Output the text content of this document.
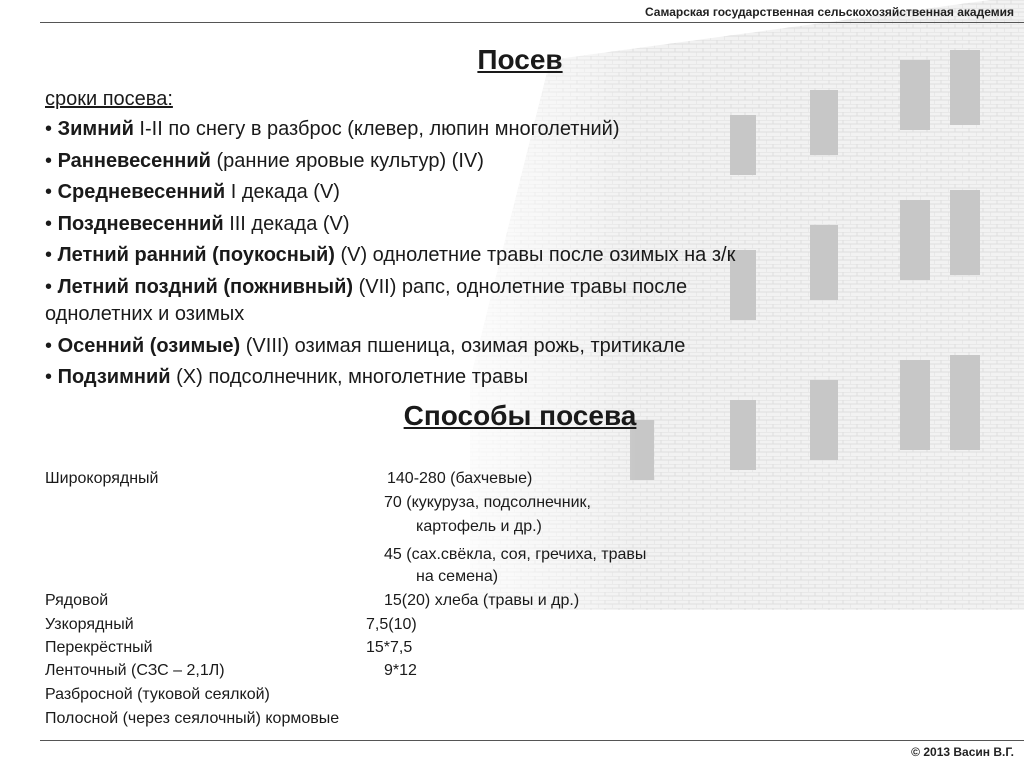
Самарская государственная сельскохозяйственная академия
Посев
сроки посева:
• Зимний I-II по снегу в разброс (клевер, люпин многолетний)
• Ранневесенний (ранние яровые культур) (IV)
• Средневесенний I декада (V)
• Поздневесенний III декада (V)
• Летний ранний (поукосный) (V) однолетние травы после озимых на з/к
• Летний поздний (пожнивный) (VII) рапс, однолетние травы после
однолетних и озимых
• Осенний (озимые) (VIII) озимая пшеница, озимая рожь, тритикале
• Подзимний (X) подсолнечник, многолетние травы
Способы посева
Широкорядный	140-280 (бахчевые)
70 (кукуруза, подсолнечник,
картофель и др.)
45 (сах.свёкла, соя, гречиха, травы
на семена)
Рядовой	15(20) хлеба (травы и др.)
Узкорядный	7,5(10)
Перекрёстный	15*7,5
Ленточный (СЗС – 2,1Л)	9*12
Разбросной (туковой сеялкой)
Полосной (через сеялочный) кормовые
© 2013 Васин В.Г.
